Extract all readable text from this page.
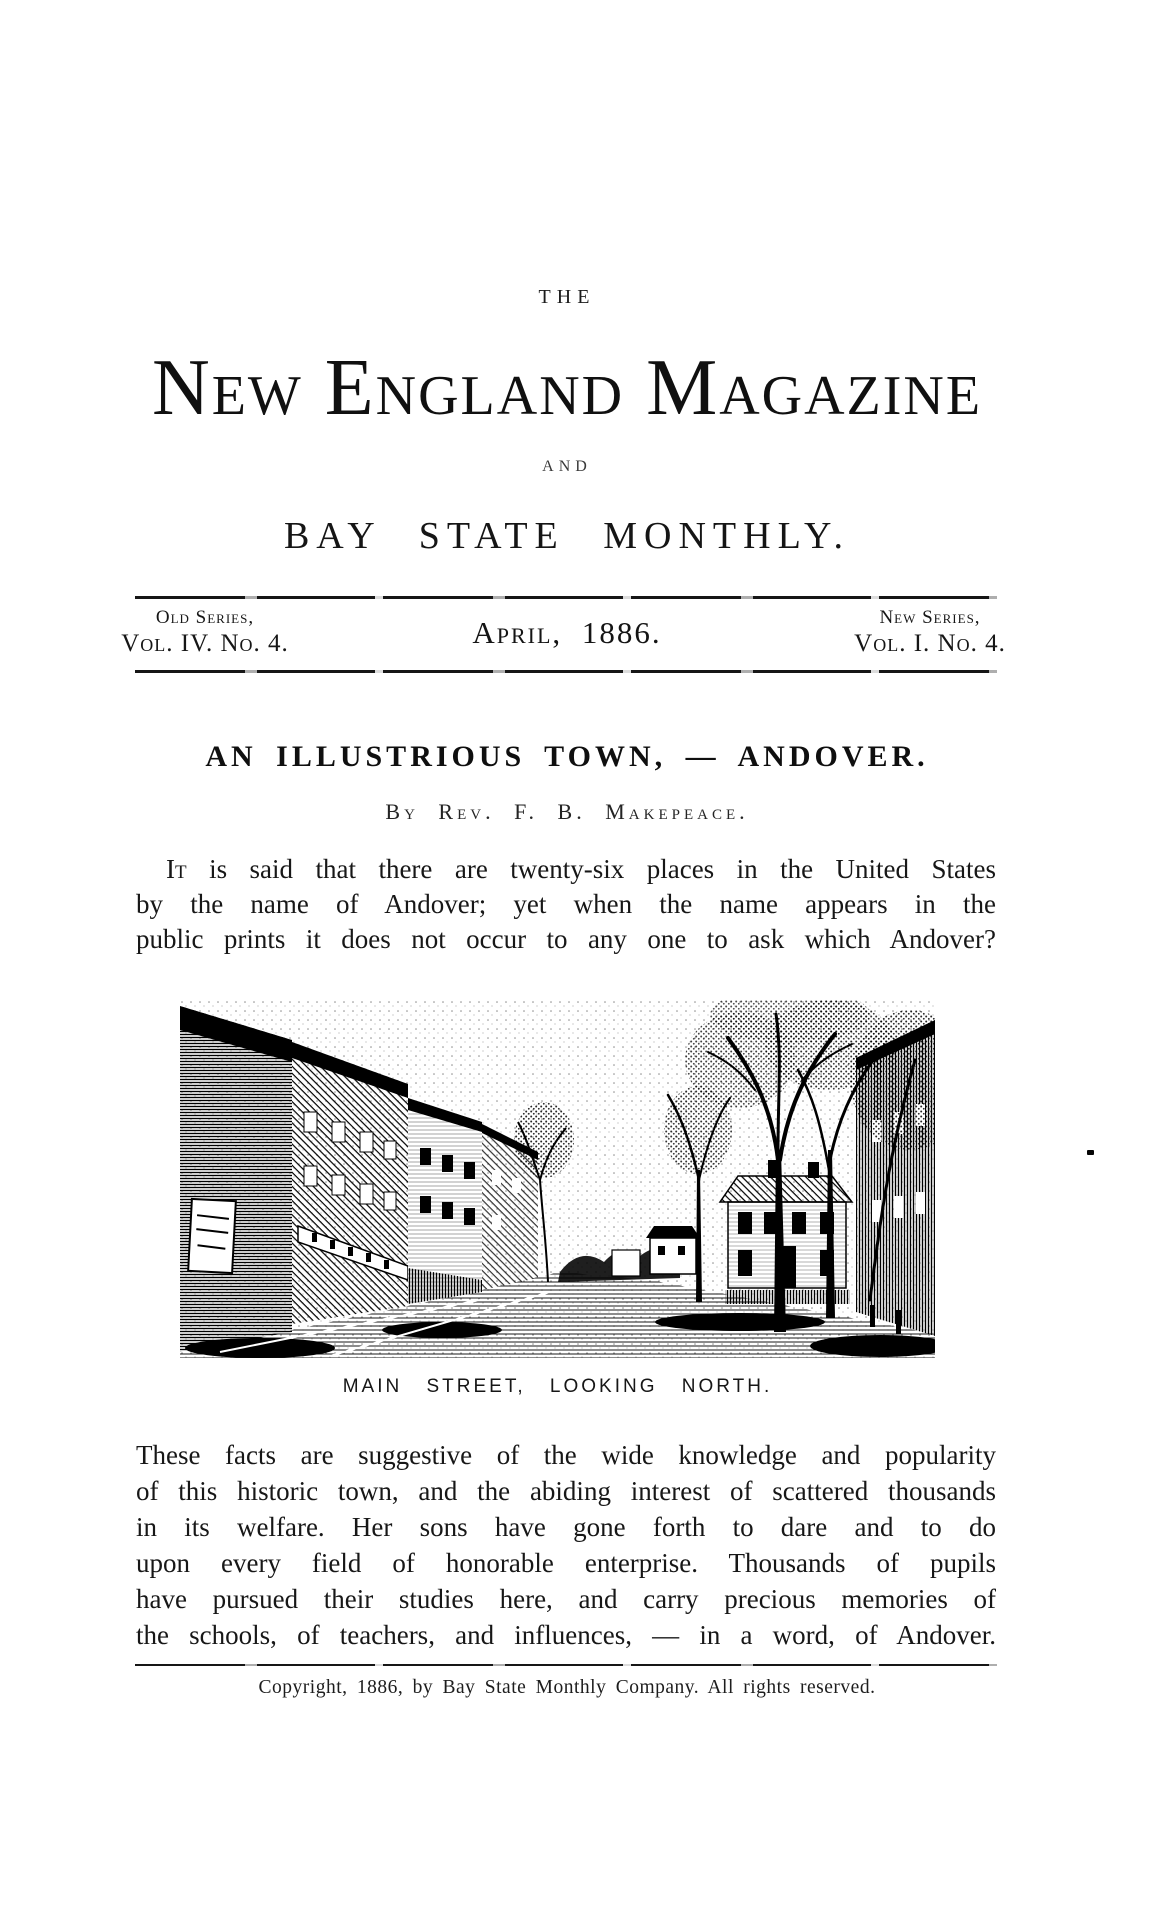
THE
New England Magazine
AND
BAY STATE MONTHLY.
Old Series,
Vol. IV. No. 4.	April, 1886.	New Series,
Vol. I. No. 4.
AN ILLUSTRIOUS TOWN, — ANDOVER.
By Rev. F. B. Makepeace.
It is said that there are twenty-six places in the United States
by the name of Andover; yet when the name appears in the
public prints it does not occur to any one to ask which Andover?
MAIN STREET, LOOKING NORTH.
These facts are suggestive of the wide knowledge and popularity
of this historic town, and the abiding interest of scattered thousands
in its welfare. Her sons have gone forth to dare and to do
upon every field of honorable enterprise. Thousands of pupils
have pursued their studies here, and carry precious memories of
the schools, of teachers, and influences, — in a word, of Andover.
Copyright, 1886, by Bay State Monthly Company. All rights reserved.
